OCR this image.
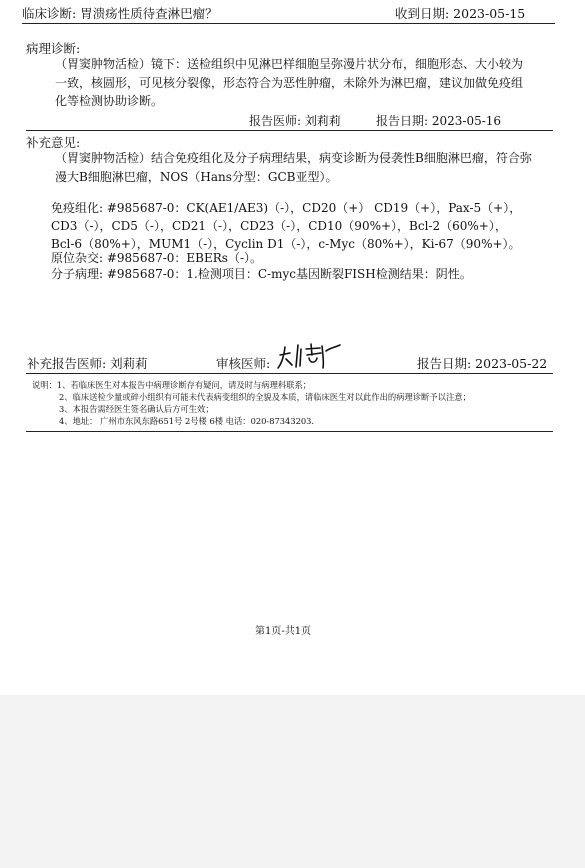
临床诊断: 胃溃疡性质待查淋巴瘤？	收到日期: 2023-05-15
病理诊断:
（胃窦肿物活检）镜下：送检组织中见淋巴样细胞呈弥漫片状分布，细胞形态、大小较为一致，核圆形，可见核分裂像，形态符合为恶性肿瘤，未除外为淋巴瘤，建议加做免疫组化等检测协助诊断。
报告医师: 刘莉莉	报告日期: 2023-05-16
补充意见:
（胃窦肿物活检）结合免疫组化及分子病理结果，病变诊断为侵袭性B细胞淋巴瘤，符合弥漫大B细胞淋巴瘤，NOS（Hans分型：GCB亚型）。
免疫组化: #985687-0：CK(AE1/AE3)（-），CD20（+） CD19（+），Pax-5（+），
CD3（-），CD5（-），CD21（-），CD23（-），CD10（90%+），Bcl-2（60%+），
Bcl-6（80%+），MUM1（-），Cyclin D1（-），c-Myc（80%+），Ki-67（90%+）。
原位杂交: #985687-0：EBERs（-）。
分子病理: #985687-0：1.检测项目：C-myc基因断裂FISH检测结果：阴性。
补充报告医师: 刘莉莉	审核医师:	报告日期: 2023-05-22
说明：1、若临床医生对本报告中病理诊断存有疑问，请及时与病理科联系；
2、临床送检少量或碎小组织有可能未代表病变组织的全貌及本质，请临床医生对以此作出的病理诊断予以注意；
3、本报告需经医生签名确认后方可生效；
4、地址： 广州市东风东路651号 2号楼 6楼 电话：020-87343203.
第1页-共1页
